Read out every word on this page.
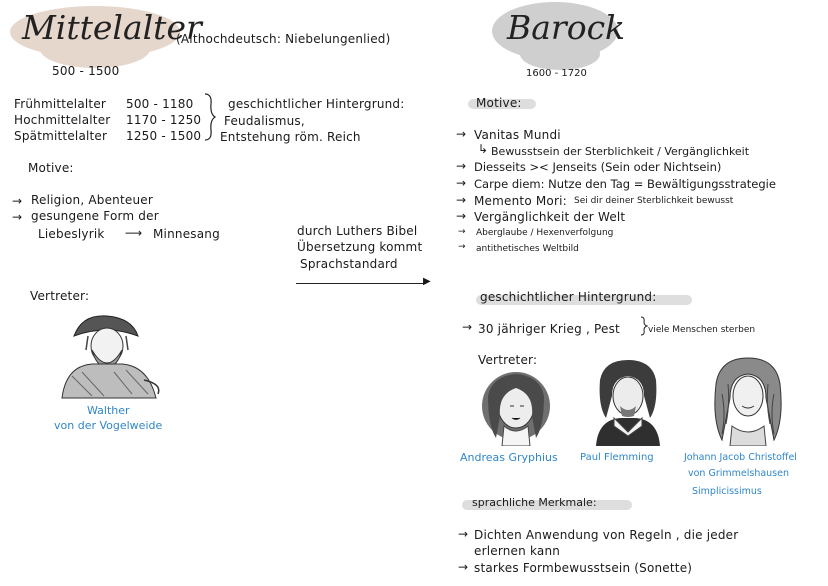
Mittelalter
(Althochdeutsch: Niebelungenlied)
500 - 1500
Frühmittelalter 500 - 1180
Hochmittelalter 1170 - 1250
Spätmittelalter 1250 - 1500
geschichtlicher Hintergrund:
Feudalismus,
Entstehung röm. Reich
Motive:
→ Religion, Abenteuer
→ gesungene Form der
Liebeslyrik ⟶ Minnesang
Vertreter:
Walther
von der Vogelweide
durch Luthers Bibel
Übersetzung kommt
Sprachstandard
▶
Barock
1600 - 1720
Motive:
→ Vanitas Mundi
↳ Bewusstsein der Sterblichkeit / Vergänglichkeit
→ Diesseits >< Jenseits (Sein oder Nichtsein)
→ Carpe diem: Nutze den Tag = Bewältigungsstrategie
→ Memento Mori: Sei dir deiner Sterblichkeit bewusst
→ Vergänglichkeit der Welt
→ Aberglaube / Hexenverfolgung
→ antithetisches Weltbild
geschichtlicher Hintergrund:
→ 30 jähriger Krieg , Pest	viele Menschen sterben
Vertreter:
Andreas Gryphius Paul Flemming	Johann Jacob Christoffel
von Grimmelshausen
Simplicissimus
sprachliche Merkmale:
→ Dichten Anwendung von Regeln , die jeder
erlernen kann
→ starkes Formbewusstsein (Sonette)
